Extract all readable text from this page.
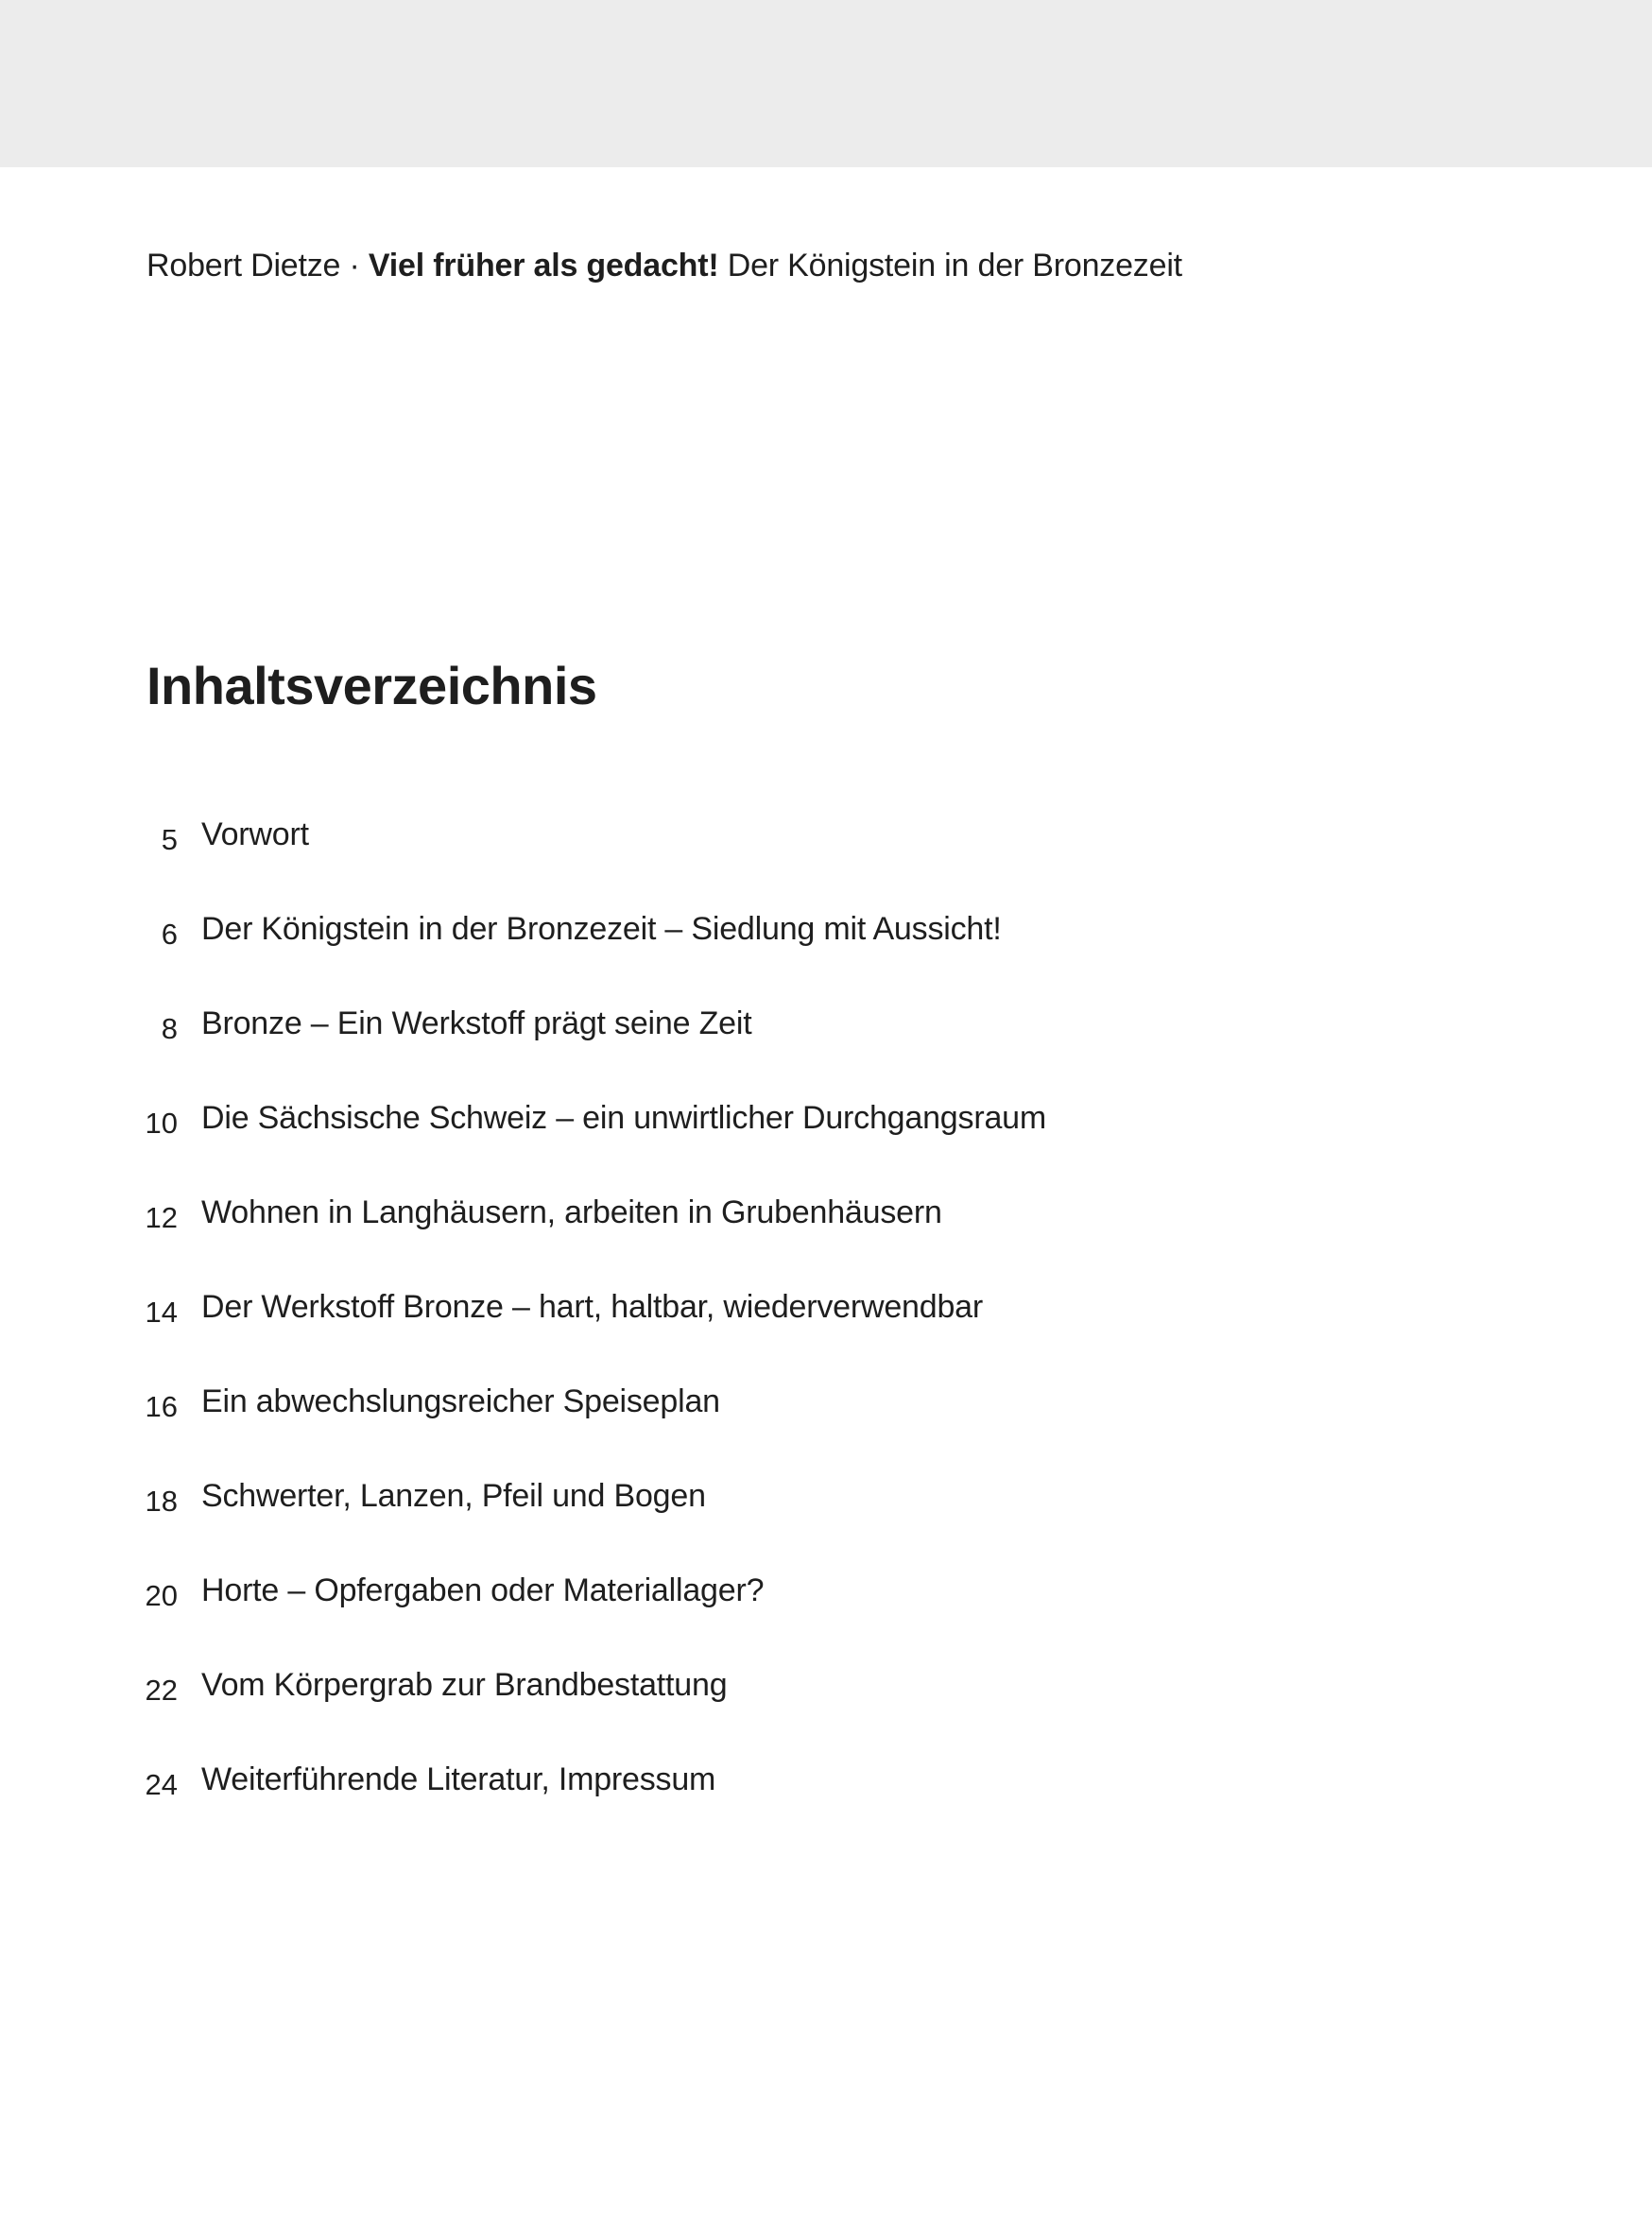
Robert Dietze · Viel früher als gedacht! Der Königstein in der Bronzezeit
Inhaltsverzeichnis
5 Vorwort
6 Der Königstein in der Bronzezeit – Siedlung mit Aussicht!
8 Bronze – Ein Werkstoff prägt seine Zeit
10 Die Sächsische Schweiz – ein unwirtlicher Durchgangsraum
12 Wohnen in Langhäusern, arbeiten in Grubenhäusern
14 Der Werkstoff Bronze – hart, haltbar, wiederverwendbar
16 Ein abwechslungsreicher Speiseplan
18 Schwerter, Lanzen, Pfeil und Bogen
20 Horte – Opfergaben oder Materiallager?
22 Vom Körpergrab zur Brandbestattung
24 Weiterführende Literatur, Impressum
